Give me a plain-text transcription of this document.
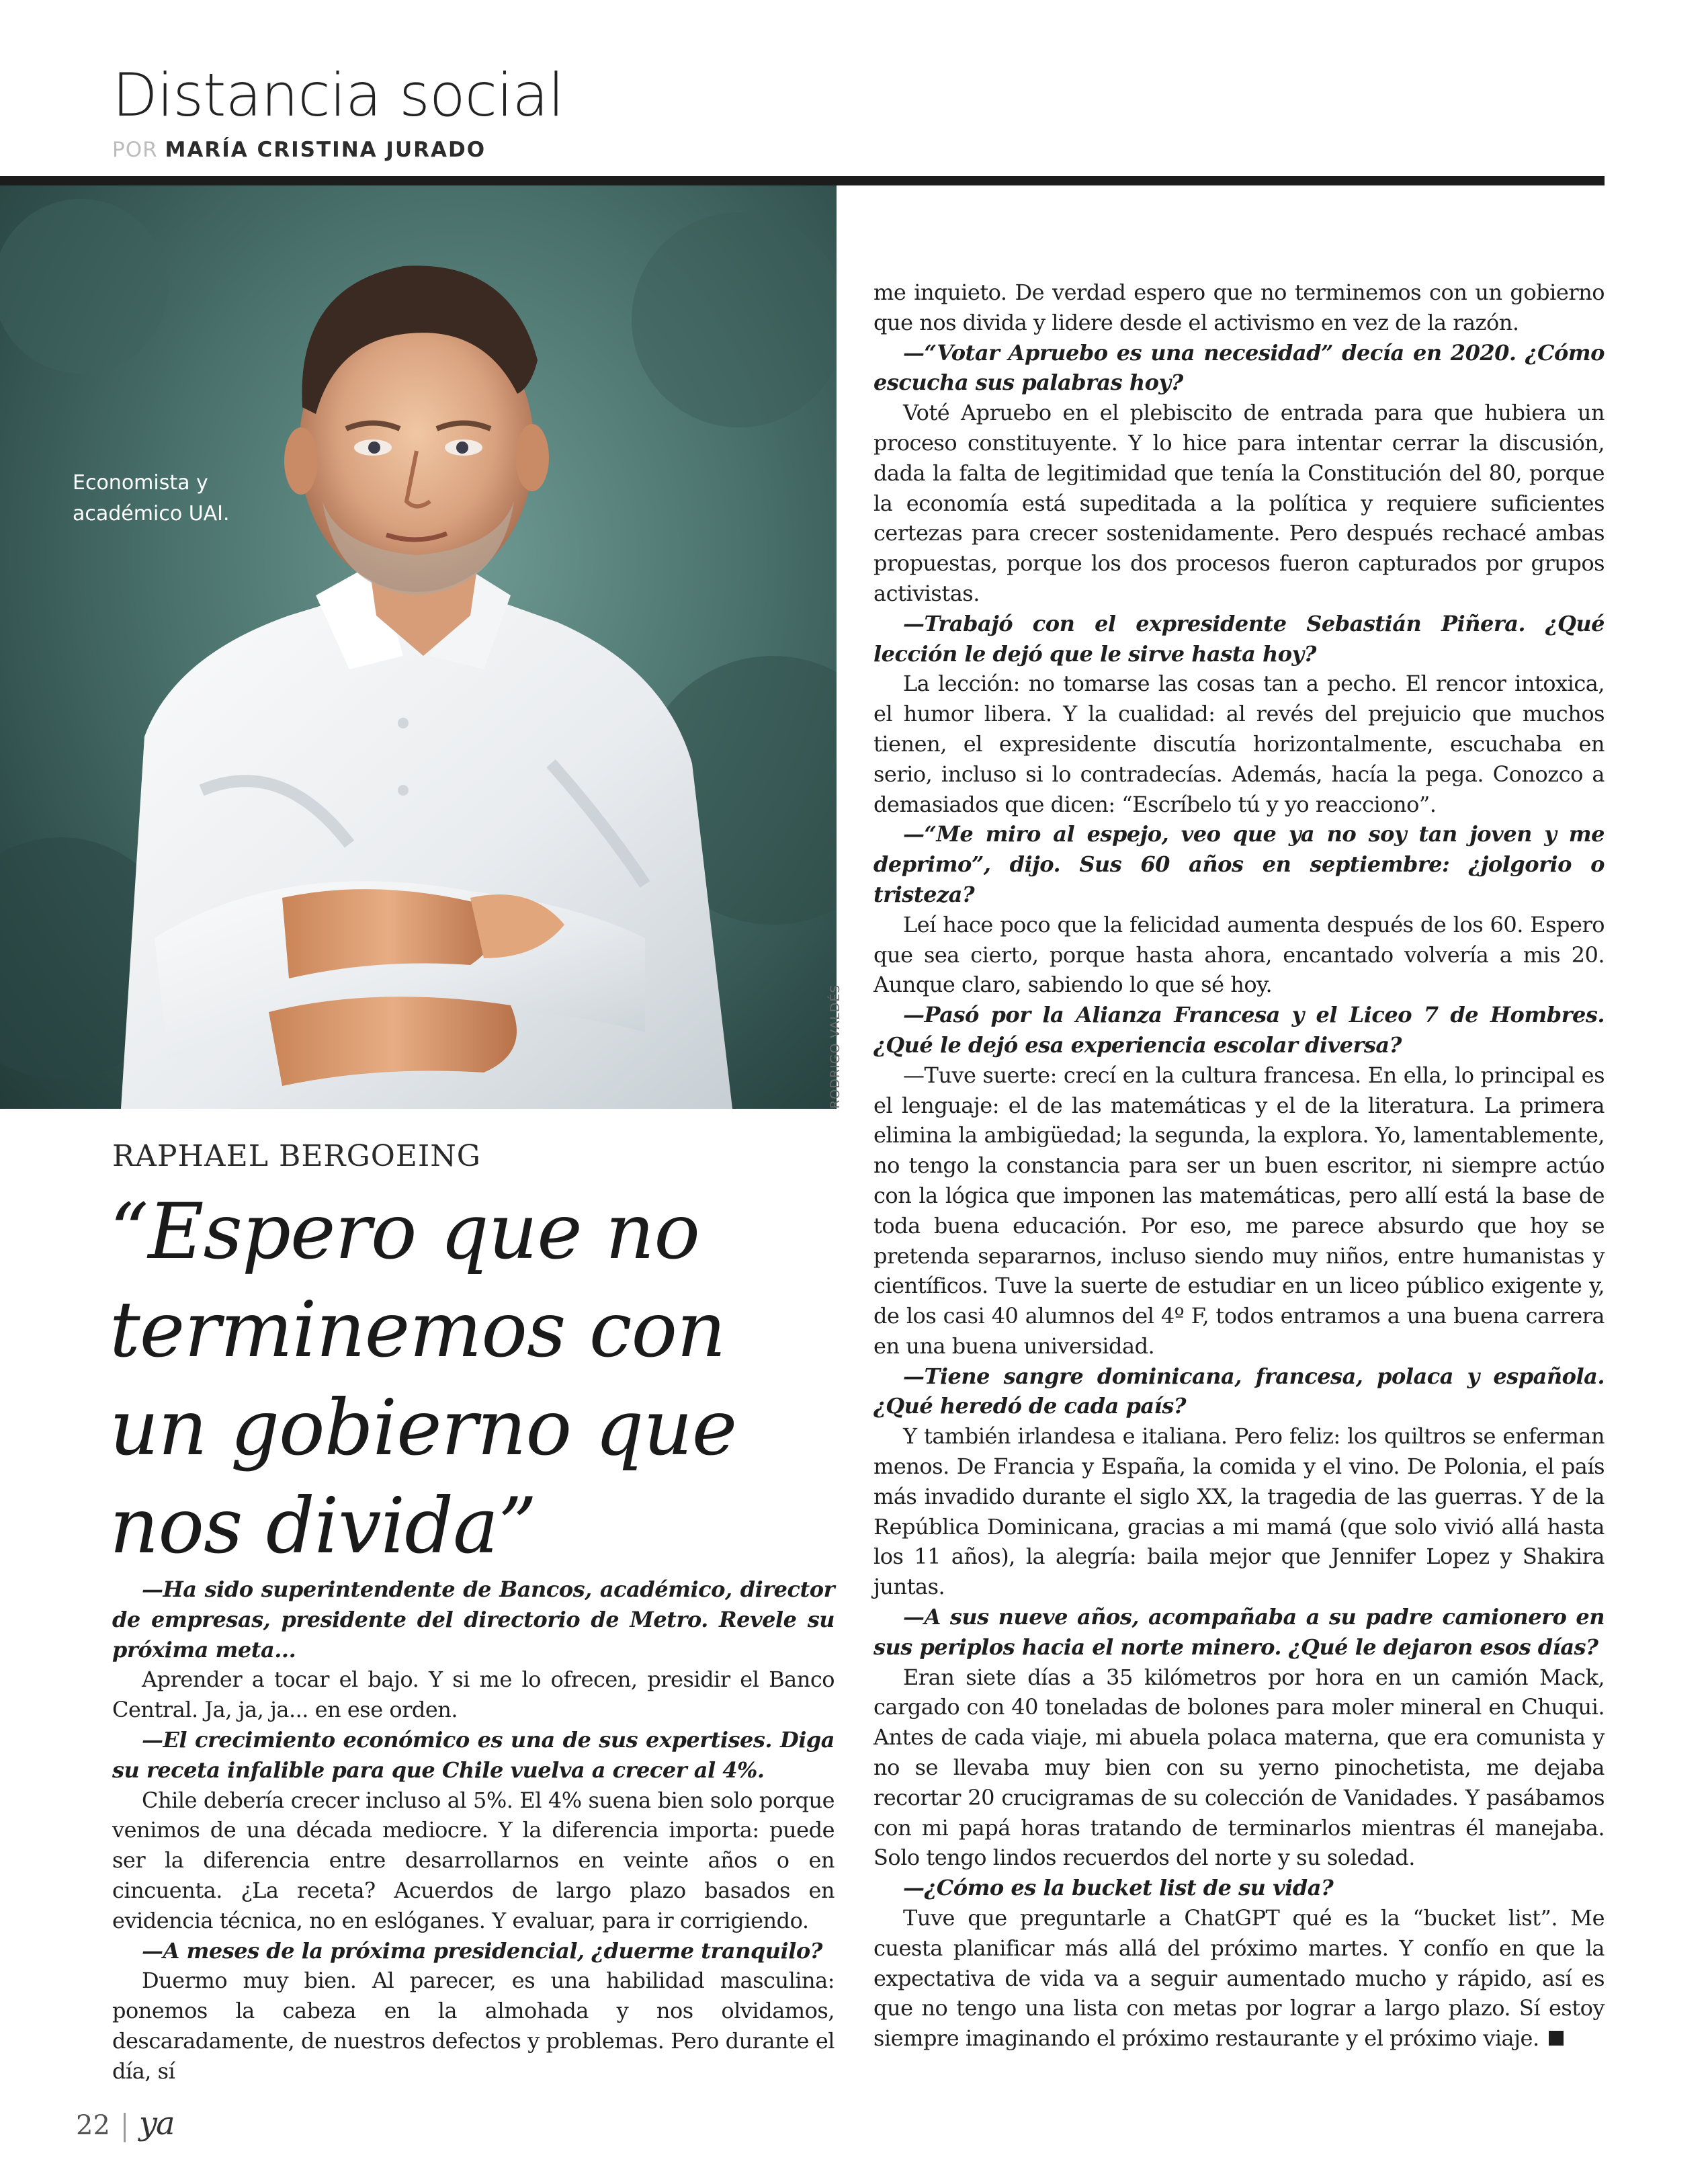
Distancia social
POR MARÍA CRISTINA JURADO
Economista y
académico UAI.
RODRIGO VALDÉS
RAPHAEL BERGOEING
“Espero que no
terminemos con
un gobierno que
nos divida”

—Ha sido superintendente de Bancos, académico, director de empresas, presidente del directorio de Metro. Revele su próxima meta...

Aprender a tocar el bajo. Y si me lo ofrecen, presidir el Banco Central. Ja, ja, ja... en ese orden.

—El crecimiento económico es una de sus expertises. Diga su receta infalible para que Chile vuelva a crecer al 4%.

Chile debería crecer incluso al 5%. El 4% suena bien solo porque venimos de una década mediocre. Y la diferencia importa: puede ser la diferencia entre desarrollarnos en veinte años o en cincuenta. ¿La receta? Acuerdos de largo plazo basados en evidencia técnica, no en eslóganes. Y evaluar, para ir corrigiendo.

—A meses de la próxima presidencial, ¿duerme tranquilo?

Duermo muy bien. Al parecer, es una habilidad masculina: ponemos la cabeza en la almohada y nos olvidamos, descaradamente, de nuestros defectos y problemas. Pero durante el día, sí

me inquieto. De verdad espero que no terminemos con un gobierno que nos divida y lidere desde el activismo en vez de la razón.

—“Votar Apruebo es una necesidad” decía en 2020. ¿Cómo escucha sus palabras hoy?

Voté Apruebo en el plebiscito de entrada para que hubiera un proceso constituyente. Y lo hice para intentar cerrar la discusión, dada la falta de legitimidad que tenía la Constitución del 80, porque la economía está supeditada a la política y requiere suficientes certezas para crecer sostenidamente. Pero después rechacé ambas propuestas, porque los dos procesos fueron capturados por grupos activistas.

—Trabajó con el expresidente Sebastián Piñera. ¿Qué lección le dejó que le sirve hasta hoy?

La lección: no tomarse las cosas tan a pecho. El rencor intoxica, el humor libera. Y la cualidad: al revés del prejuicio que muchos tienen, el expresidente discutía horizontalmente, escuchaba en serio, incluso si lo contradecías. Además, hacía la pega. Conozco a demasiados que dicen: “Escríbelo tú y yo reacciono”.

—“Me miro al espejo, veo que ya no soy tan joven y me deprimo”, dijo. Sus 60 años en septiembre: ¿jolgorio o tristeza?

Leí hace poco que la felicidad aumenta después de los 60. Espero que sea cierto, porque hasta ahora, encantado volvería a mis 20. Aunque claro, sabiendo lo que sé hoy.

—Pasó por la Alianza Francesa y el Liceo 7 de Hombres. ¿Qué le dejó esa experiencia escolar diversa?

—Tuve suerte: crecí en la cultura francesa. En ella, lo principal es el lenguaje: el de las matemáticas y el de la literatura. La primera elimina la ambigüedad; la segunda, la explora. Yo, lamentablemente, no tengo la constancia para ser un buen escritor, ni siempre actúo con la lógica que imponen las matemáticas, pero allí está la base de toda buena educación. Por eso, me parece absurdo que hoy se pretenda separarnos, incluso siendo muy niños, entre humanistas y científicos. Tuve la suerte de estudiar en un liceo público exigente y, de los casi 40 alumnos del 4º F, todos entramos a una buena carrera en una buena universidad.

—Tiene sangre dominicana, francesa, polaca y española. ¿Qué heredó de cada país?

Y también irlandesa e italiana. Pero feliz: los quiltros se enferman menos. De Francia y España, la comida y el vino. De Polonia, el país más invadido durante el siglo XX, la tragedia de las guerras. Y de la República Dominicana, gracias a mi mamá (que solo vivió allá hasta los 11 años), la alegría: baila mejor que Jennifer Lopez y Shakira juntas.

—A sus nueve años, acompañaba a su padre camionero en sus periplos hacia el norte minero. ¿Qué le dejaron esos días?

Eran siete días a 35 kilómetros por hora en un camión Mack, cargado con 40 toneladas de bolones para moler mineral en Chuqui. Antes de cada viaje, mi abuela polaca materna, que era comunista y no se llevaba muy bien con su yerno pinochetista, me dejaba recortar 20 crucigramas de su colección de Vanidades. Y pasábamos con mi papá horas tratando de terminarlos mientras él manejaba. Solo tengo lindos recuerdos del norte y su soledad.

—¿Cómo es la bucket list de su vida?

Tuve que preguntarle a ChatGPT qué es la “bucket list”. Me cuesta planificar más allá del próximo martes. Y confío en que la expectativa de vida va a seguir aumentado mucho y rápido, así es que no tengo una lista con metas por lograr a largo plazo. Sí estoy siempre imaginando el próximo restaurante y el próximo viaje.

22 ya
